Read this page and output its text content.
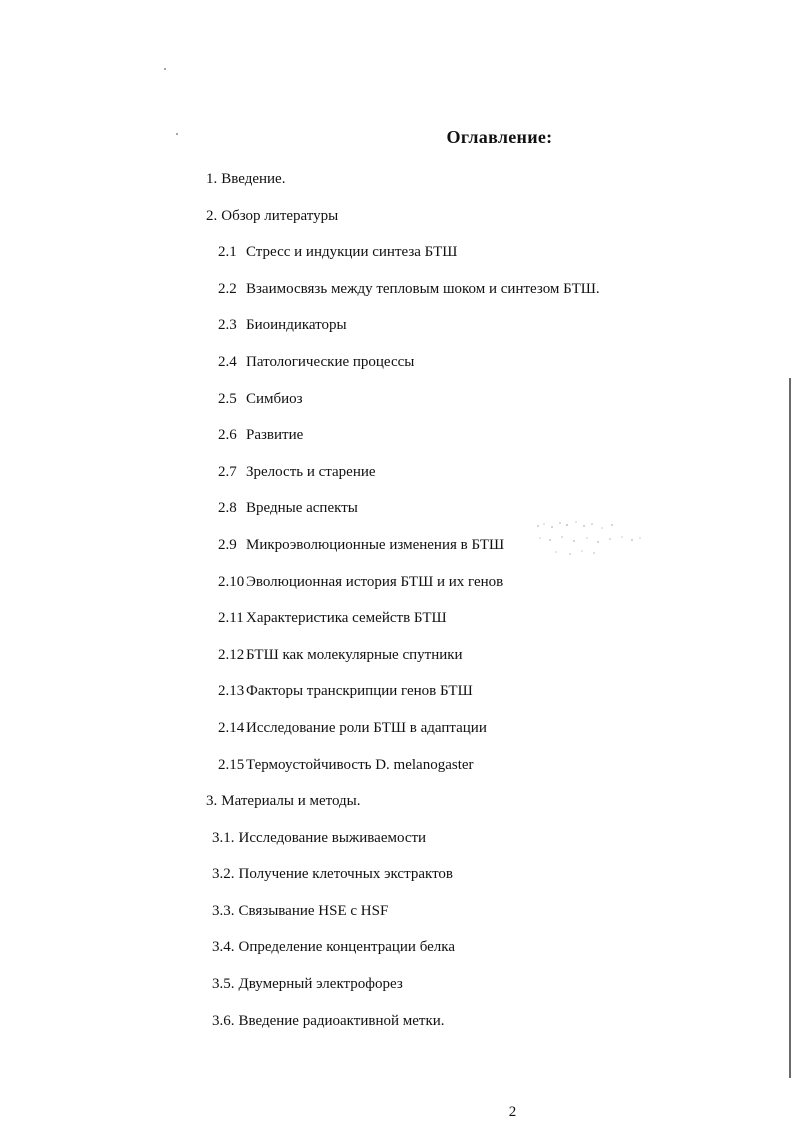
Оглавление:
1. Введение.
2. Обзор литературы
2.1 Стресс и индукции синтеза БТШ
2.2 Взаимосвязь между тепловым шоком и синтезом БТШ.
2.3 Биоиндикаторы
2.4 Патологические процессы
2.5 Симбиоз
2.6 Развитие
2.7 Зрелость и старение
2.8 Вредные аспекты
2.9 Микроэволюционные изменения в БТШ
2.10 Эволюционная история БТШ и их генов
2.11 Характеристика семейств БТШ
2.12 БТШ как молекулярные спутники
2.13 Факторы транскрипции генов БТШ
2.14 Исследование роли БТШ в адаптации
2.15 Термоустойчивость D. melanogaster
3. Материалы и методы.
3.1. Исследование выживаемости
3.2. Получение клеточных экстрактов
3.3. Связывание HSE с HSF
3.4. Определение концентрации белка
3.5. Двумерный электрофорез
3.6. Введение радиоактивной метки.
2
